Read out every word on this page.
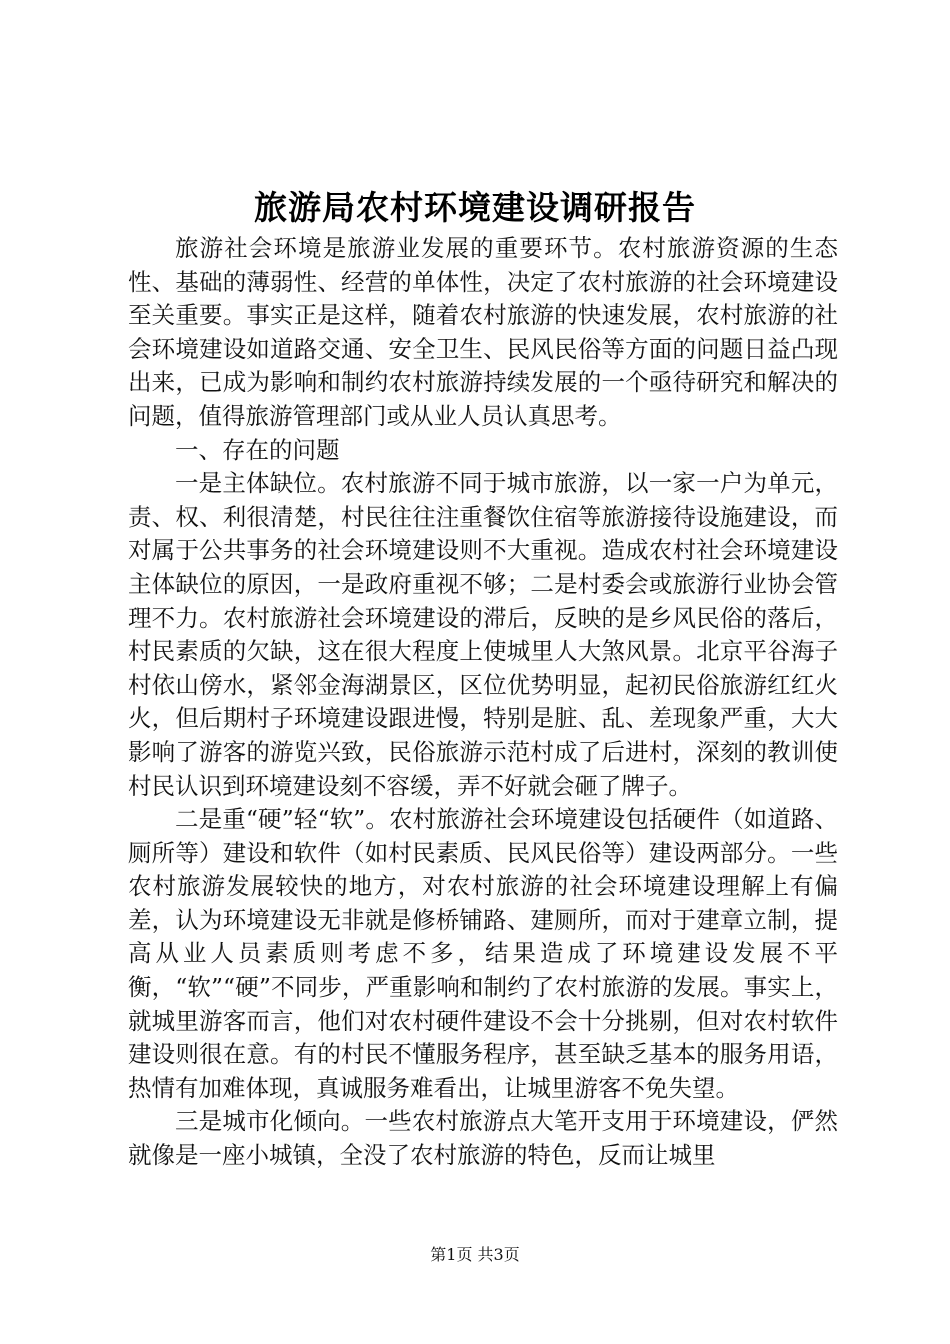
旅游局农村环境建设调研报告

旅游社会环境是旅游业发展的重要环节。农村旅游资源的生态性、基础的薄弱性、经营的单体性，决定了农村旅游的社会环境建设至关重要。事实正是这样，随着农村旅游的快速发展，农村旅游的社会环境建设如道路交通、安全卫生、民风民俗等方面的问题日益凸现出来，已成为影响和制约农村旅游持续发展的一个亟待研究和解决的问题，值得旅游管理部门或从业人员认真思考。

一、存在的问题

一是主体缺位。农村旅游不同于城市旅游，以一家一户为单元，责、权、利很清楚，村民往往注重餐饮住宿等旅游接待设施建设，而对属于公共事务的社会环境建设则不大重视。造成农村社会环境建设主体缺位的原因，一是政府重视不够；二是村委会或旅游行业协会管理不力。农村旅游社会环境建设的滞后，反映的是乡风民俗的落后，村民素质的欠缺，这在很大程度上使城里人大煞风景。北京平谷海子村依山傍水，紧邻金海湖景区，区位优势明显，起初民俗旅游红红火火，但后期村子环境建设跟进慢，特别是脏、乱、差现象严重，大大影响了游客的游览兴致，民俗旅游示范村成了后进村，深刻的教训使村民认识到环境建设刻不容缓，弄不好就会砸了牌子。

二是重“硬”轻“软”。农村旅游社会环境建设包括硬件（如道路、厕所等）建设和软件（如村民素质、民风民俗等）建设两部分。一些农村旅游发展较快的地方，对农村旅游的社会环境建设理解上有偏差，认为环境建设无非就是修桥铺路、建厕所，而对于建章立制，提高从业人员素质则考虑不多，结果造成了环境建设发展不平衡，“软”“硬”不同步，严重影响和制约了农村旅游的发展。事实上，就城里游客而言，他们对农村硬件建设不会十分挑剔，但对农村软件建设则很在意。有的村民不懂服务程序，甚至缺乏基本的服务用语，热情有加难体现，真诚服务难看出，让城里游客不免失望。

三是城市化倾向。一些农村旅游点大笔开支用于环境建设，俨然就像是一座小城镇，全没了农村旅游的特色，反而让城里

第1页 共3页
